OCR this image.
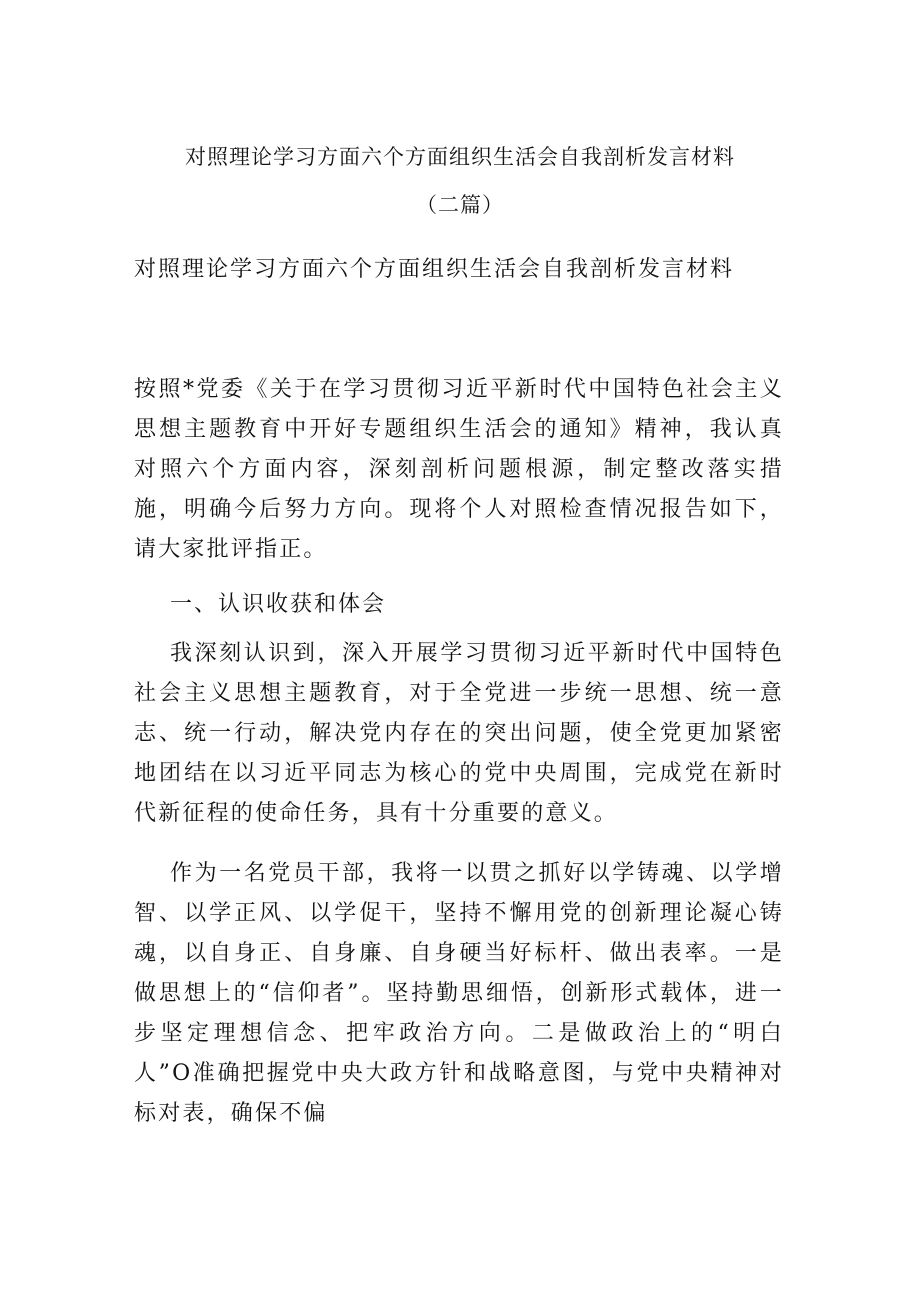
对照理论学习方面六个方面组织生活会自我剖析发言材料
（二篇）
对照理论学习方面六个方面组织生活会自我剖析发言材料

按照*党委《关于在学习贯彻习近平新时代中国特色社会主义思想主题教育中开好专题组织生活会的通知》精神，我认真对照六个方面内容，深刻剖析问题根源，制定整改落实措施，明确今后努力方向。现将个人对照检查情况报告如下，请大家批评指正。

一、认识收获和体会

我深刻认识到，深入开展学习贯彻习近平新时代中国特色社会主义思想主题教育，对于全党进一步统一思想、统一意志、统一行动，解决党内存在的突出问题，使全党更加紧密地团结在以习近平同志为核心的党中央周围，完成党在新时代新征程的使命任务，具有十分重要的意义。

作为一名党员干部，我将一以贯之抓好以学铸魂、以学增智、以学正风、以学促干，坚持不懈用党的创新理论凝心铸魂，以自身正、自身廉、自身硬当好标杆、做出表率。一是做思想上的“信仰者”。坚持勤思细悟，创新形式载体，进一步坚定理想信念、把牢政治方向。二是做政治上的“明白人”O准确把握党中央大政方针和战略意图，与党中央精神对标对表，确保不偏
